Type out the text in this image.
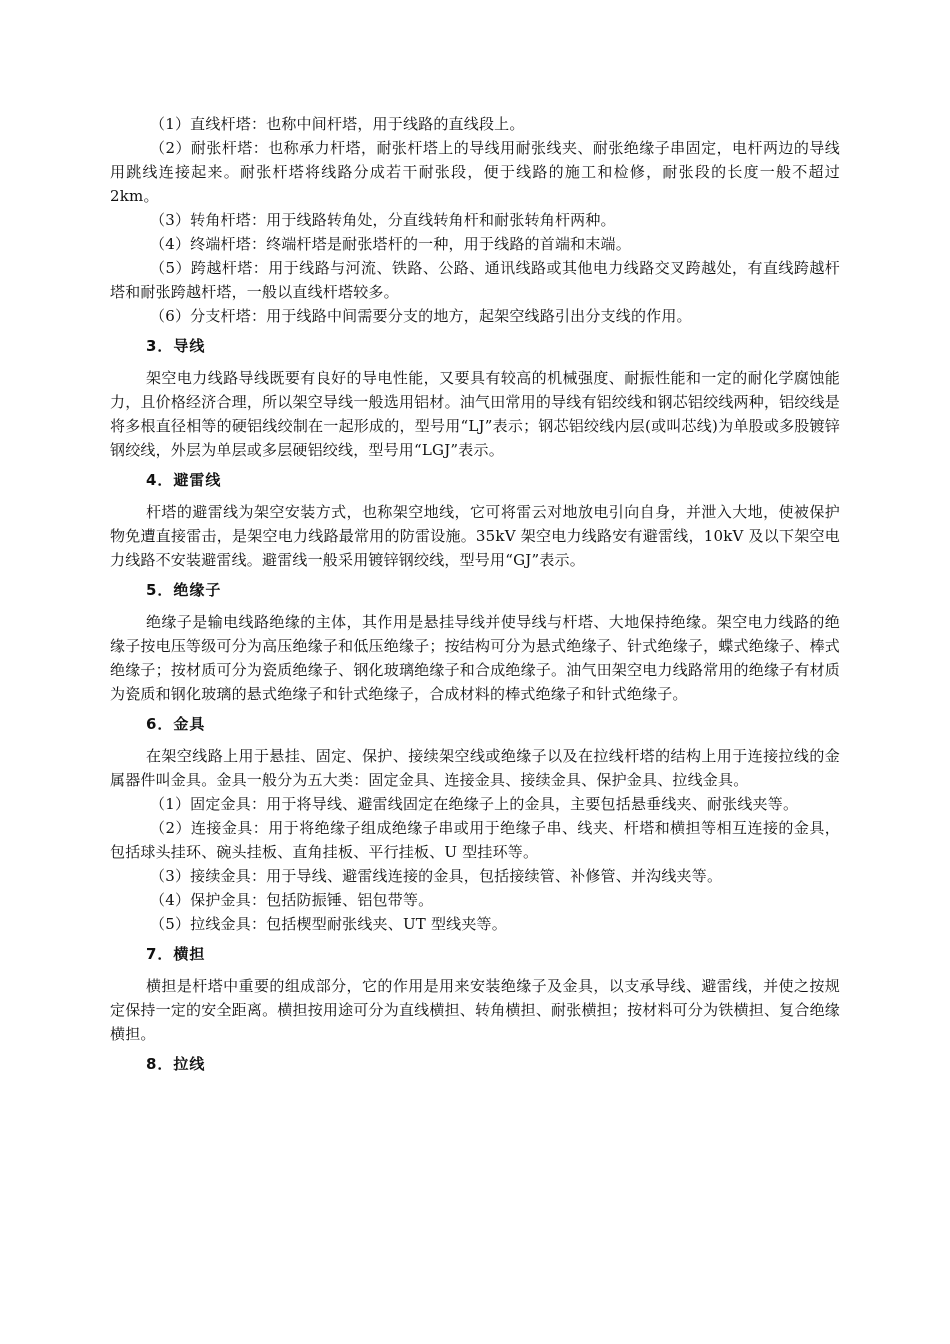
（1）直线杆塔：也称中间杆塔，用于线路的直线段上。

（2）耐张杆塔：也称承力杆塔，耐张杆塔上的导线用耐张线夹、耐张绝缘子串固定，电杆两边的导线用跳线连接起来。耐张杆塔将线路分成若干耐张段，便于线路的施工和检修，耐张段的长度一般不超过 2km。

（3）转角杆塔：用于线路转角处，分直线转角杆和耐张转角杆两种。

（4）终端杆塔：终端杆塔是耐张塔杆的一种，用于线路的首端和末端。

（5）跨越杆塔：用于线路与河流、铁路、公路、通讯线路或其他电力线路交叉跨越处，有直线跨越杆塔和耐张跨越杆塔，一般以直线杆塔较多。

（6）分支杆塔：用于线路中间需要分支的地方，起架空线路引出分支线的作用。

3．导线

架空电力线路导线既要有良好的导电性能，又要具有较高的机械强度、耐振性能和一定的耐化学腐蚀能力，且价格经济合理，所以架空导线一般选用铝材。油气田常用的导线有铝绞线和钢芯铝绞线两种，铝绞线是将多根直径相等的硬铝线绞制在一起形成的，型号用“LJ”表示；钢芯铝绞线内层(或叫芯线)为单股或多股镀锌钢绞线，外层为单层或多层硬铝绞线，型号用“LGJ”表示。

4．避雷线

杆塔的避雷线为架空安装方式，也称架空地线，它可将雷云对地放电引向自身，并泄入大地，使被保护物免遭直接雷击，是架空电力线路最常用的防雷设施。35kV 架空电力线路安有避雷线，10kV 及以下架空电力线路不安装避雷线。避雷线一般采用镀锌钢绞线，型号用“GJ”表示。

5．绝缘子

绝缘子是输电线路绝缘的主体，其作用是悬挂导线并使导线与杆塔、大地保持绝缘。架空电力线路的绝缘子按电压等级可分为高压绝缘子和低压绝缘子；按结构可分为悬式绝缘子、针式绝缘子，蝶式绝缘子、棒式绝缘子；按材质可分为瓷质绝缘子、钢化玻璃绝缘子和合成绝缘子。油气田架空电力线路常用的绝缘子有材质为瓷质和钢化玻璃的悬式绝缘子和针式绝缘子，合成材料的棒式绝缘子和针式绝缘子。

6．金具

在架空线路上用于悬挂、固定、保护、接续架空线或绝缘子以及在拉线杆塔的结构上用于连接拉线的金属器件叫金具。金具一般分为五大类：固定金具、连接金具、接续金具、保护金具、拉线金具。

（1）固定金具：用于将导线、避雷线固定在绝缘子上的金具，主要包括悬垂线夹、耐张线夹等。

（2）连接金具：用于将绝缘子组成绝缘子串或用于绝缘子串、线夹、杆塔和横担等相互连接的金具，包括球头挂环、碗头挂板、直角挂板、平行挂板、U 型挂环等。

（3）接续金具：用于导线、避雷线连接的金具，包括接续管、补修管、并沟线夹等。

（4）保护金具：包括防振锤、铝包带等。

（5）拉线金具：包括楔型耐张线夹、UT 型线夹等。

7．横担

横担是杆塔中重要的组成部分，它的作用是用来安装绝缘子及金具，以支承导线、避雷线，并使之按规定保持一定的安全距离。横担按用途可分为直线横担、转角横担、耐张横担；按材料可分为铁横担、复合绝缘横担。

8．拉线
